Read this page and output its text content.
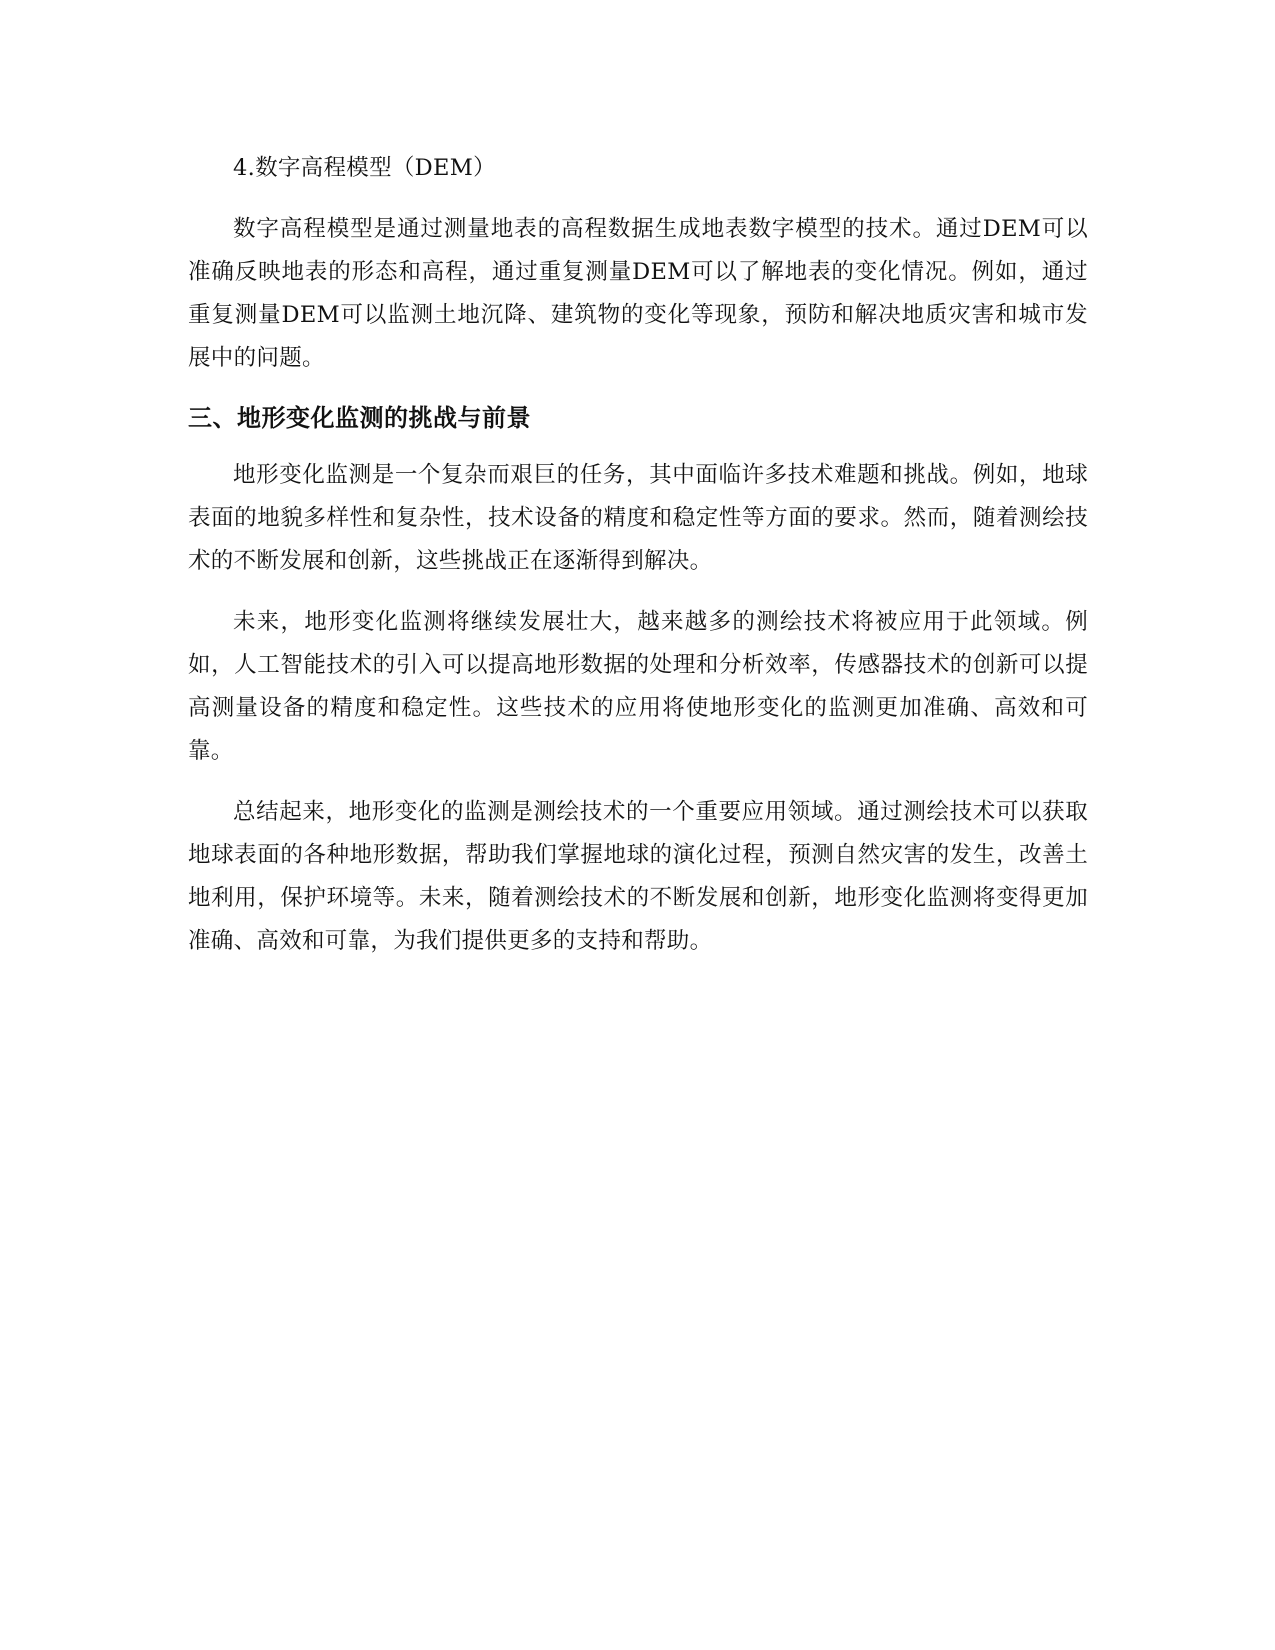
4.数字高程模型（DEM）

数字高程模型是通过测量地表的高程数据生成地表数字模型的技术。通过DEM可以准确反映地表的形态和高程，通过重复测量DEM可以了解地表的变化情况。例如，通过重复测量DEM可以监测土地沉降、建筑物的变化等现象，预防和解决地质灾害和城市发展中的问题。

三、地形变化监测的挑战与前景

地形变化监测是一个复杂而艰巨的任务，其中面临许多技术难题和挑战。例如，地球表面的地貌多样性和复杂性，技术设备的精度和稳定性等方面的要求。然而，随着测绘技术的不断发展和创新，这些挑战正在逐渐得到解决。

未来，地形变化监测将继续发展壮大，越来越多的测绘技术将被应用于此领域。例如，人工智能技术的引入可以提高地形数据的处理和分析效率，传感器技术的创新可以提高测量设备的精度和稳定性。这些技术的应用将使地形变化的监测更加准确、高效和可靠。

总结起来，地形变化的监测是测绘技术的一个重要应用领域。通过测绘技术可以获取地球表面的各种地形数据，帮助我们掌握地球的演化过程，预测自然灾害的发生，改善土地利用，保护环境等。未来，随着测绘技术的不断发展和创新，地形变化监测将变得更加准确、高效和可靠，为我们提供更多的支持和帮助。
